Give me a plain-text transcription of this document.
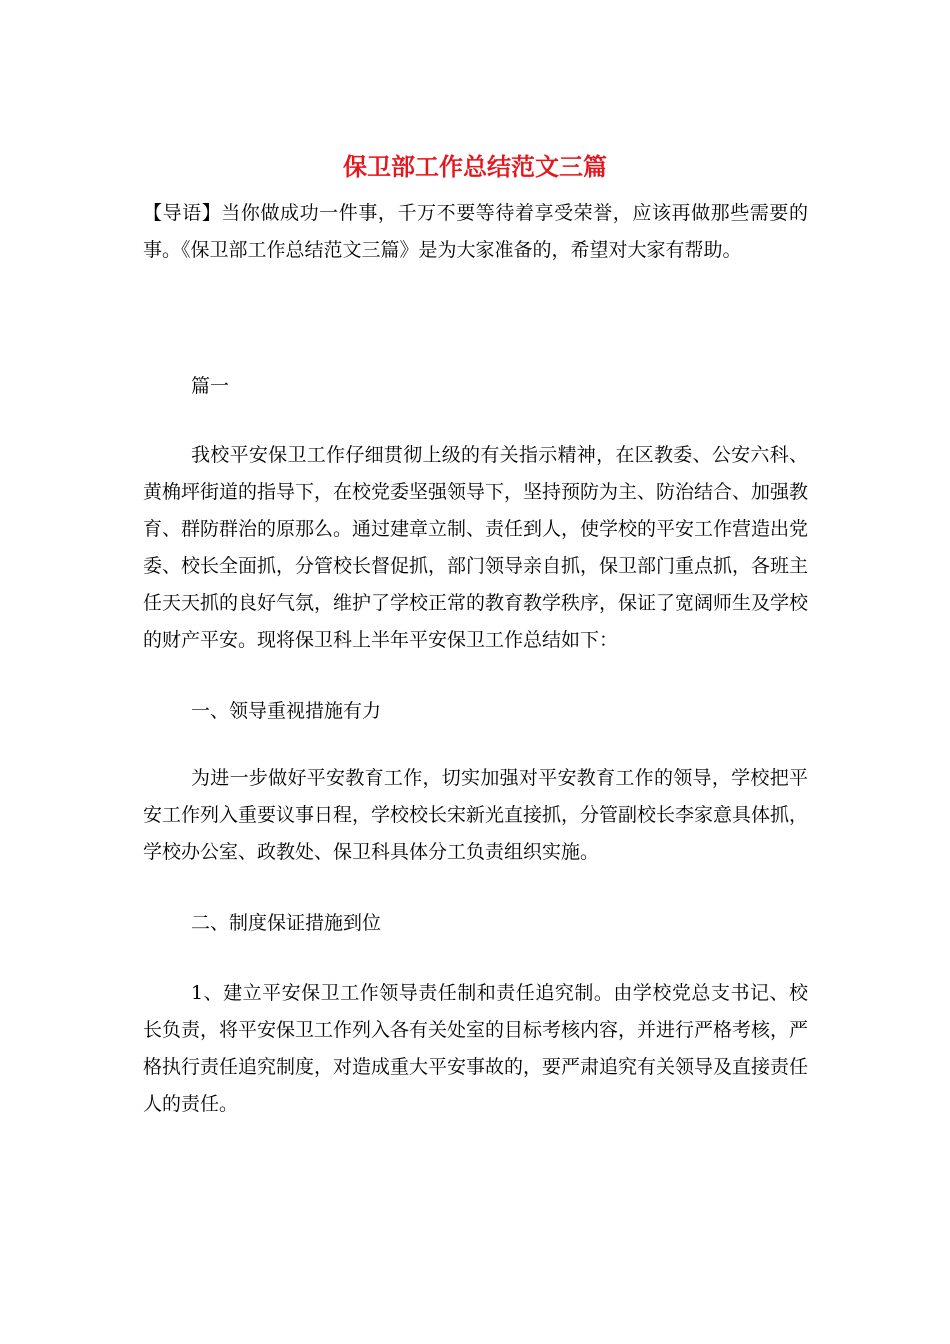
保卫部工作总结范文三篇

【导语】当你做成功一件事，千万不要等待着享受荣誉，应该再做那些需要的事。《保卫部工作总结范文三篇》是为大家准备的，希望对大家有帮助。

篇一

我校平安保卫工作仔细贯彻上级的有关指示精神，在区教委、公安六科、黄桷坪街道的指导下，在校党委坚强领导下，坚持预防为主、防治结合、加强教育、群防群治的原那么。通过建章立制、责任到人，使学校的平安工作营造出党委、校长全面抓，分管校长督促抓，部门领导亲自抓，保卫部门重点抓，各班主任天天抓的良好气氛，维护了学校正常的教育教学秩序，保证了宽阔师生及学校的财产平安。现将保卫科上半年平安保卫工作总结如下：

一、领导重视措施有力

为进一步做好平安教育工作，切实加强对平安教育工作的领导，学校把平安工作列入重要议事日程，学校校长宋新光直接抓，分管副校长李家意具体抓，学校办公室、政教处、保卫科具体分工负责组织实施。

二、制度保证措施到位

1、建立平安保卫工作领导责任制和责任追究制。由学校党总支书记、校长负责，将平安保卫工作列入各有关处室的目标考核内容，并进行严格考核，严格执行责任追究制度，对造成重大平安事故的，要严肃追究有关领导及直接责任人的责任。
